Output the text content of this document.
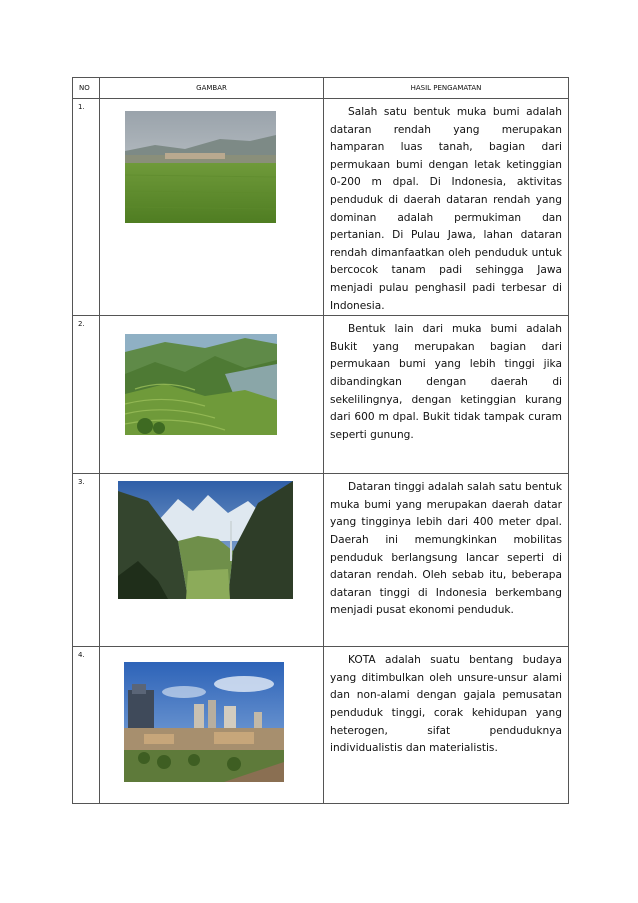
NO	GAMBAR	HASIL PENGAMATAN
1.		Salah satu bentuk muka bumi adalah dataran rendah yang merupakan hamparan luas tanah, bagian dari permukaan bumi dengan letak ketinggian 0-200 m dpal. Di Indonesia, aktivitas penduduk di daerah dataran rendah yang dominan adalah permukiman dan pertanian. Di Pulau Jawa, lahan dataran rendah dimanfaatkan oleh penduduk untuk bercocok tanam padi sehingga Jawa menjadi pulau penghasil padi terbesar di Indonesia.

2.		Bentuk lain dari muka bumi adalah Bukit yang merupakan bagian dari permukaan bumi yang lebih tinggi jika dibandingkan dengan daerah di sekelilingnya, dengan ketinggian kurang dari 600 m dpal. Bukit tidak tampak curam seperti gunung.

3.		Dataran tinggi adalah salah satu bentuk muka bumi yang merupakan daerah datar yang tingginya lebih dari 400 meter dpal. Daerah ini memungkinkan mobilitas penduduk berlangsung lancar seperti di dataran rendah. Oleh sebab itu, beberapa dataran tinggi di Indonesia berkembang menjadi pusat ekonomi penduduk.

4.		KOTA adalah suatu bentang budaya yang ditimbulkan oleh unsure-unsur alami dan non-alami dengan gajala pemusatan penduduk tinggi, corak kehidupan yang heterogen, sifat penduduknya individualistis dan materialistis.
